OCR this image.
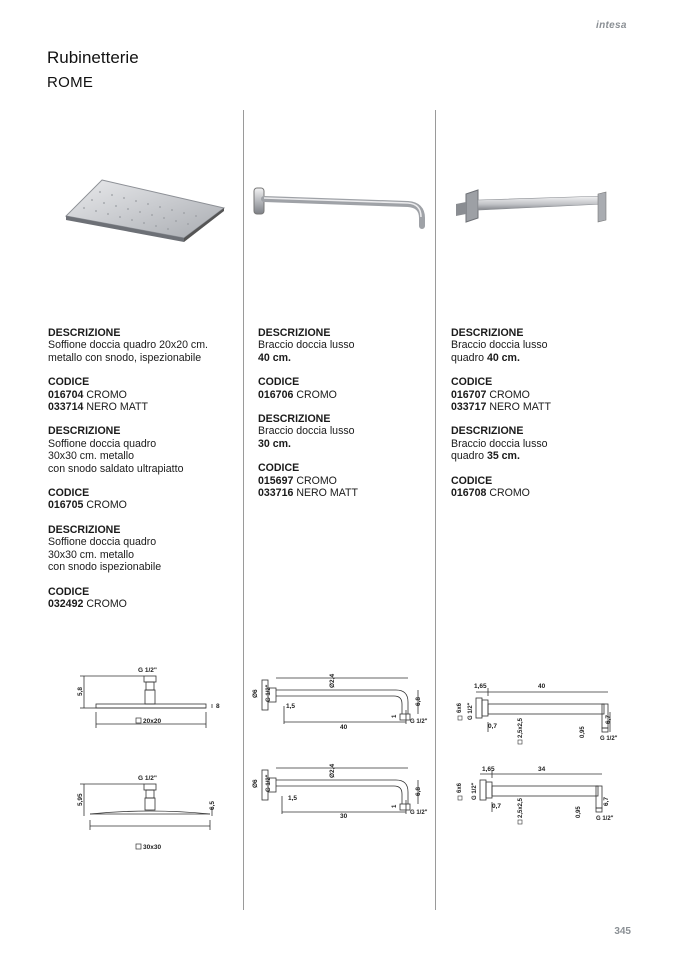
intesa
Rubinetterie
ROME
DESCRIZIONE
Soffione doccia quadro 20x20 cm.
metallo con snodo, ispezionabile
CODICE
016704 CROMO
033714 NERO MATT
DESCRIZIONE
Soffione doccia quadro
30x30 cm. metallo
con snodo saldato ultrapiatto
CODICE
016705 CROMO
DESCRIZIONE
Soffione doccia quadro
30x30 cm. metallo
con snodo ispezionabile
CODICE
032492 CROMO
DESCRIZIONE
Braccio doccia lusso
40 cm.
CODICE
016706 CROMO
DESCRIZIONE
Braccio doccia lusso
30 cm.
CODICE
015697 CROMO
033716 NERO MATT
DESCRIZIONE
Braccio doccia lusso
quadro 40 cm.
CODICE
016707 CROMO
033717 NERO MATT
DESCRIZIONE
Braccio doccia lusso
quadro 35 cm.
CODICE
016708 CROMO
G 1/2"
5,8
8
20x20
G 1/2"
5,95	6,5
30x30
Ø6 G 1/2"
Ø2,4
1,5
6,8
1
40
G 1/2"
Ø6 G 1/2"
Ø2,4
1,5
6,8
1
30	G 1/2"
1,65	40
6x6 G 1/2"
0,7	2,5x2,5	0,95
6,7
G 1/2"
1,65	34
6x6 G 1/2"
0,7	2,5x2,5	0,95
6,7
G 1/2"
345
